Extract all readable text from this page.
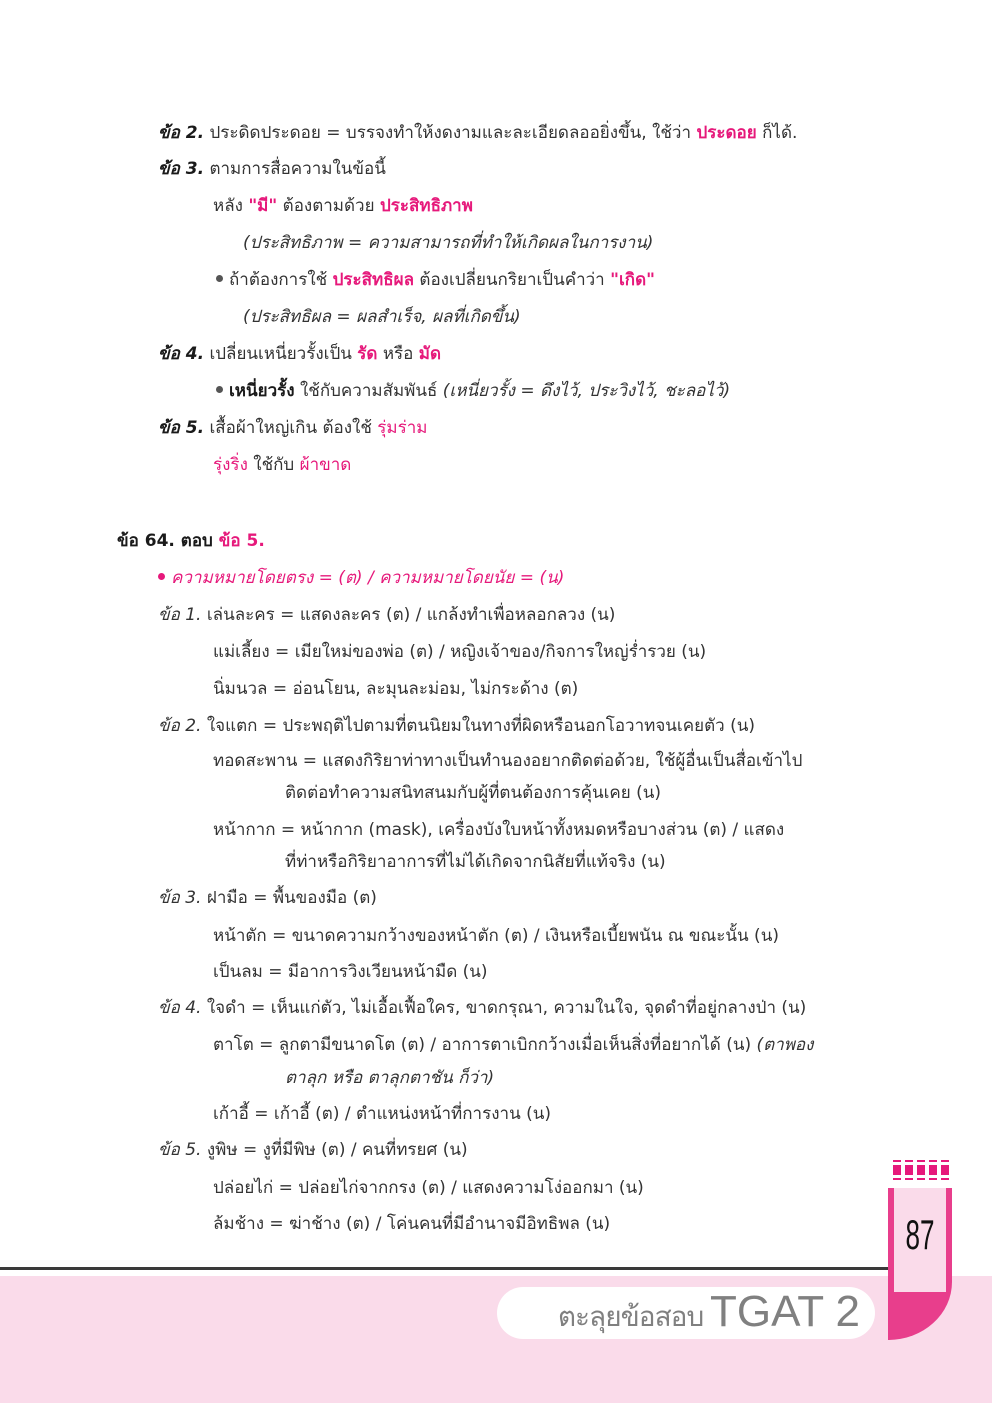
ข้อ 2. ประดิดประดอย = บรรจงทำให้งดงามและละเอียดลออยิ่งขึ้น, ใช้ว่า ประดอย ก็ได้.
ข้อ 3. ตามการสื่อความในข้อนี้
หลัง "มี" ต้องตามด้วย ประสิทธิภาพ
(ประสิทธิภาพ = ความสามารถที่ทำให้เกิดผลในการงาน)
ถ้าต้องการใช้ ประสิทธิผล ต้องเปลี่ยนกริยาเป็นคำว่า "เกิด"
(ประสิทธิผล = ผลสำเร็จ, ผลที่เกิดขึ้น)
ข้อ 4. เปลี่ยนเหนี่ยวรั้งเป็น รัด หรือ มัด
เหนี่ยวรั้ง ใช้กับความสัมพันธ์ (เหนี่ยวรั้ง = ดึงไว้, ประวิงไว้, ชะลอไว้)
ข้อ 5. เสื้อผ้าใหญ่เกิน ต้องใช้ รุ่มร่าม
รุ่งริ่ง ใช้กับ ผ้าขาด
ข้อ 64. ตอบ ข้อ 5.
ความหมายโดยตรง = (ต) / ความหมายโดยนัย = (น)
ข้อ 1. เล่นละคร = แสดงละคร (ต) / แกล้งทำเพื่อหลอกลวง (น)
แม่เลี้ยง = เมียใหม่ของพ่อ (ต) / หญิงเจ้าของ/กิจการใหญ่ร่ำรวย (น)
นิ่มนวล = อ่อนโยน, ละมุนละม่อม, ไม่กระด้าง (ต)
ข้อ 2. ใจแตก = ประพฤติไปตามที่ตนนิยมในทางที่ผิดหรือนอกโอวาทจนเคยตัว (น)
ทอดสะพาน = แสดงกิริยาท่าทางเป็นทำนองอยากติดต่อด้วย, ใช้ผู้อื่นเป็นสื่อเข้าไป
ติดต่อทำความสนิทสนมกับผู้ที่ตนต้องการคุ้นเคย (น)
หน้ากาก = หน้ากาก (mask), เครื่องบังใบหน้าทั้งหมดหรือบางส่วน (ต) / แสดง
ที่ท่าหรือกิริยาอาการที่ไม่ได้เกิดจากนิสัยที่แท้จริง (น)
ข้อ 3. ฝามือ = พื้นของมือ (ต)
หน้าตัก = ขนาดความกว้างของหน้าตัก (ต) / เงินหรือเบี้ยพนัน ณ ขณะนั้น (น)
เป็นลม = มีอาการวิงเวียนหน้ามืด (น)
ข้อ 4. ใจดำ = เห็นแก่ตัว, ไม่เอื้อเฟื้อใคร, ขาดกรุณา, ความในใจ, จุดดำที่อยู่กลางป่า (น)
ตาโต = ลูกตามีขนาดโต (ต) / อาการตาเบิกกว้างเมื่อเห็นสิ่งที่อยากได้ (น) (ตาพอง
ตาลุก หรือ ตาลุกตาชัน ก็ว่า)
เก้าอี้ = เก้าอี้ (ต) / ตำแหน่งหน้าที่การงาน (น)
ข้อ 5. งูพิษ = งูที่มีพิษ (ต) / คนที่ทรยศ (น)
ปล่อยไก่ = ปล่อยไก่จากกรง (ต) / แสดงความโง่ออกมา (น)
ล้มช้าง = ฆ่าช้าง (ต) / โค่นคนที่มีอำนาจมีอิทธิพล (น)
ตะลุยข้อสอบ TGAT 2
87
